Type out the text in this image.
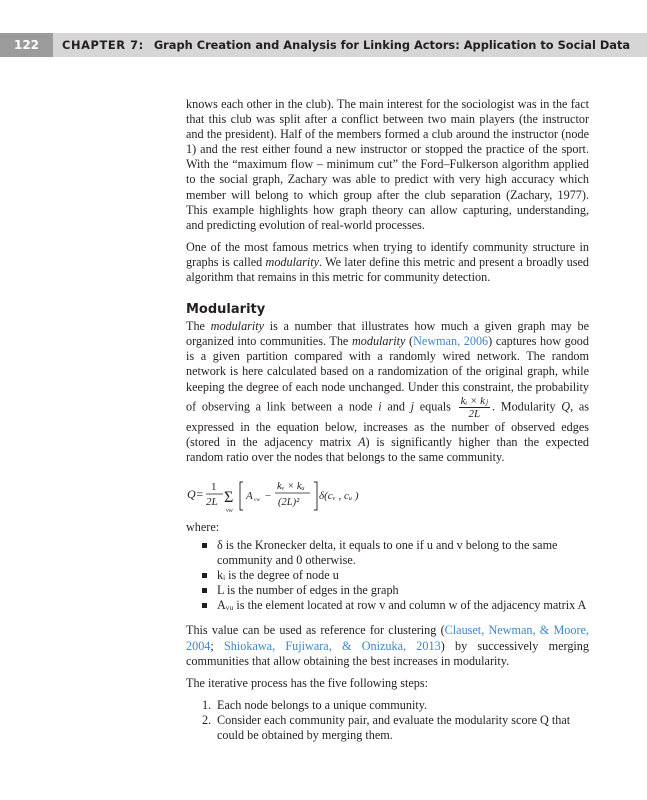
122	CHAPTER 7: Graph Creation and Analysis for Linking Actors: Application to Social Data

knows each other in the club). The main interest for the sociologist was in the fact that this club was split after a conflict between two main players (the instructor and the president). Half of the members formed a club around the instructor (node 1) and the rest either found a new instructor or stopped the practice of the sport. With the “maximum flow – minimum cut” the Ford–Fulkerson algorithm applied to the social graph, Zachary was able to predict with very high accuracy which member will belong to which group after the club separation (Zachary, 1977). This example highlights how graph theory can allow capturing, understanding, and predicting evolution of real-world processes.

One of the most famous metrics when trying to identify community structure in graphs is called modularity. We later define this metric and present a broadly used algorithm that remains in this metric for community detection.

Modularity

The modularity is a number that illustrates how much a given graph may be organized into communities. The modularity (Newman, 2006) captures how good is a given partition compared with a randomly wired network. The random network is here calculated based on a randomization of the original graph, while keeping the degree of each node unchanged. Under this constraint, the probability of observing a link between a node i and j equals $\frac{\text{kᵢ × kⱼ}}{2L}$ . Modularity Q, as expressed in the equation below, increases as the number of observed edges (stored in the adjacency matrix A) is significantly higher than the expected random ratio over the nodes that belongs to the same community.

Q= 1
2L Σ
vw
A vw −
kᵥ × kᵤ
(2L)²
δ(cᵥ , cᵤ )

where:

δ is the Kronecker delta, it equals to one if u and v belong to the same community and 0 otherwise.
kᵢ is the degree of node u
L is the number of edges in the graph
Aᵥᵤ is the element located at row v and column w of the adjacency matrix A

This value can be used as reference for clustering (Clauset, Newman, & Moore, 2004; Shiokawa, Fujiwara, & Onizuka, 2013) by successively merging communities that allow obtaining the best increases in modularity.

The iterative process has the five following steps:

1. Each node belongs to a unique community.
2. Consider each community pair, and evaluate the modularity score Q that could be obtained by merging them.
